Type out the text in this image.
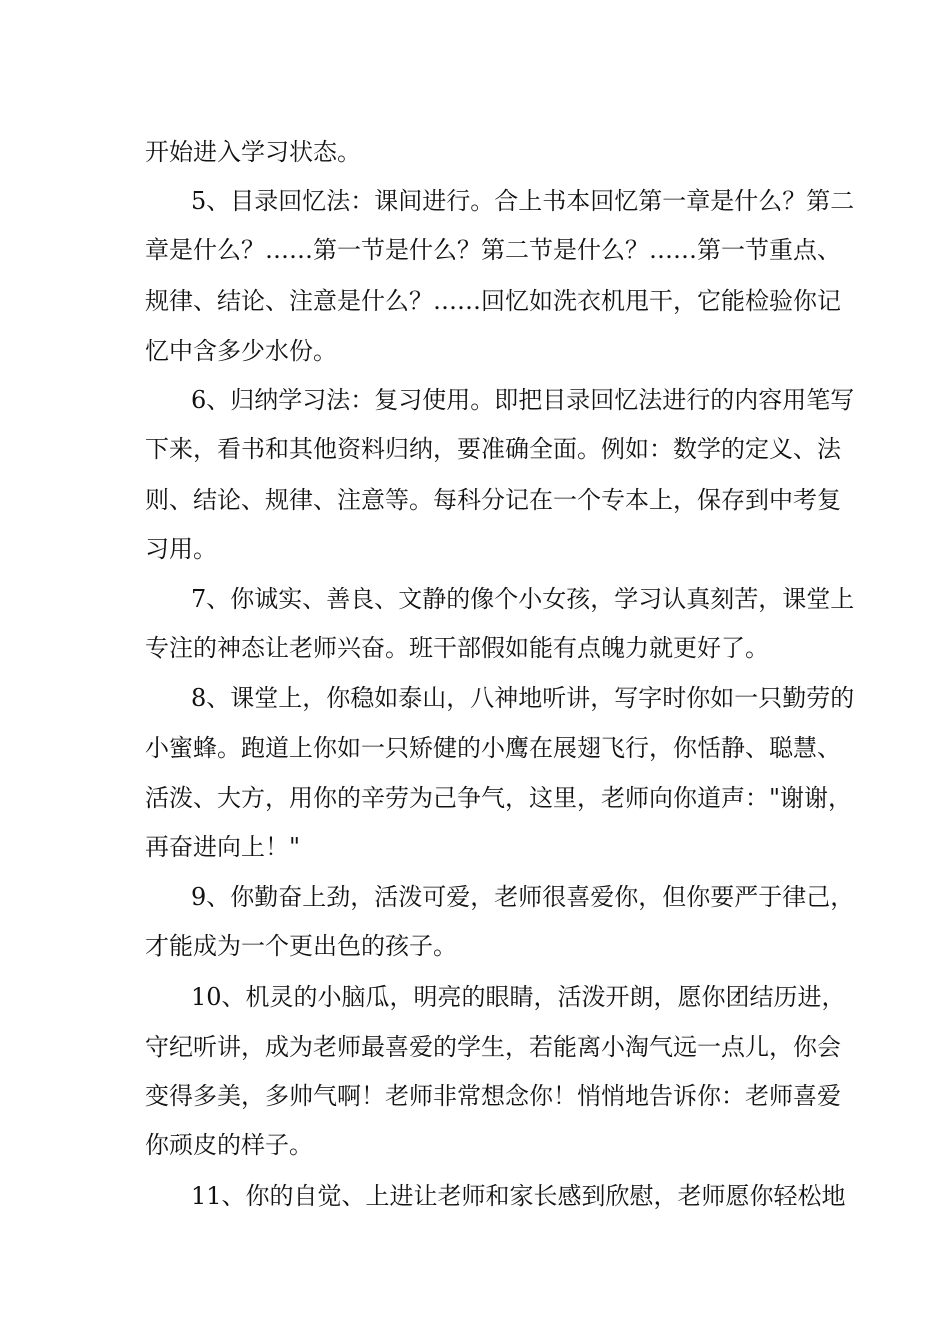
开始进入学习状态。
5、目录回忆法：课间进行。合上书本回忆第一章是什么？第二
章是什么？……第一节是什么？第二节是什么？……第一节重点、
规律、结论、注意是什么？……回忆如洗衣机甩干，它能检验你记
忆中含多少水份。
6、归纳学习法：复习使用。即把目录回忆法进行的内容用笔写
下来，看书和其他资料归纳，要准确全面。例如：数学的定义、法
则、结论、规律、注意等。每科分记在一个专本上，保存到中考复
习用。
7、你诚实、善良、文静的像个小女孩，学习认真刻苦，课堂上
专注的神态让老师兴奋。班干部假如能有点魄力就更好了。
8、课堂上，你稳如泰山，八神地听讲，写字时你如一只勤劳的
小蜜蜂。跑道上你如一只矫健的小鹰在展翅飞行，你恬静、聪慧、
活泼、大方，用你的辛劳为己争气，这里，老师向你道声："谢谢，
再奋进向上！"
9、你勤奋上劲，活泼可爱，老师很喜爱你，但你要严于律己，
才能成为一个更出色的孩子。
10、机灵的小脑瓜，明亮的眼睛，活泼开朗，愿你团结历进，
守纪听讲，成为老师最喜爱的学生，若能离小淘气远一点儿，你会
变得多美，多帅气啊！老师非常想念你！悄悄地告诉你：老师喜爱
你顽皮的样子。
11、你的自觉、上进让老师和家长感到欣慰，老师愿你轻松地
